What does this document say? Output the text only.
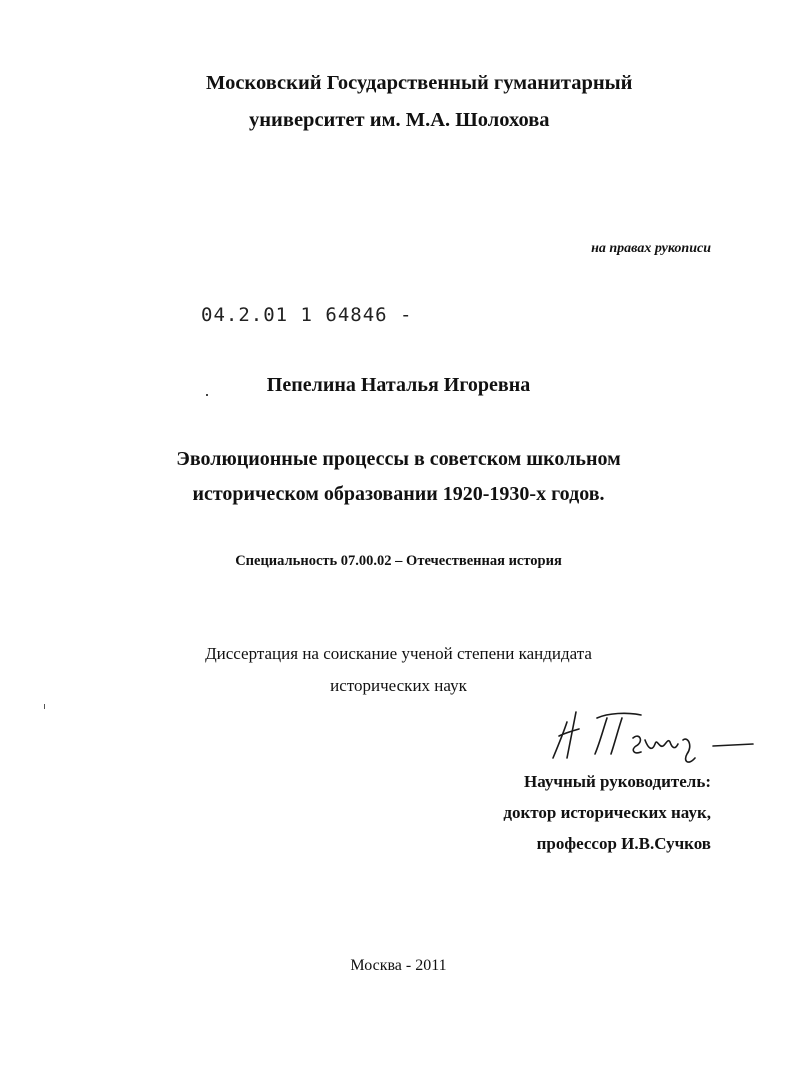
Московский Государственный гуманитарный

университет им. М.А. Шолохова

на правах рукописи

04.2.01 1 64846 -

Пепелина Наталья Игоревна

Эволюционные процессы в советском школьном

историческом образовании 1920-1930-х годов.

Специальность 07.00.02 – Отечественная история

Диссертация на соискание ученой степени кандидата

исторических наук

Научный руководитель:

доктор исторических наук,

профессор И.В.Сучков

Москва - 2011
